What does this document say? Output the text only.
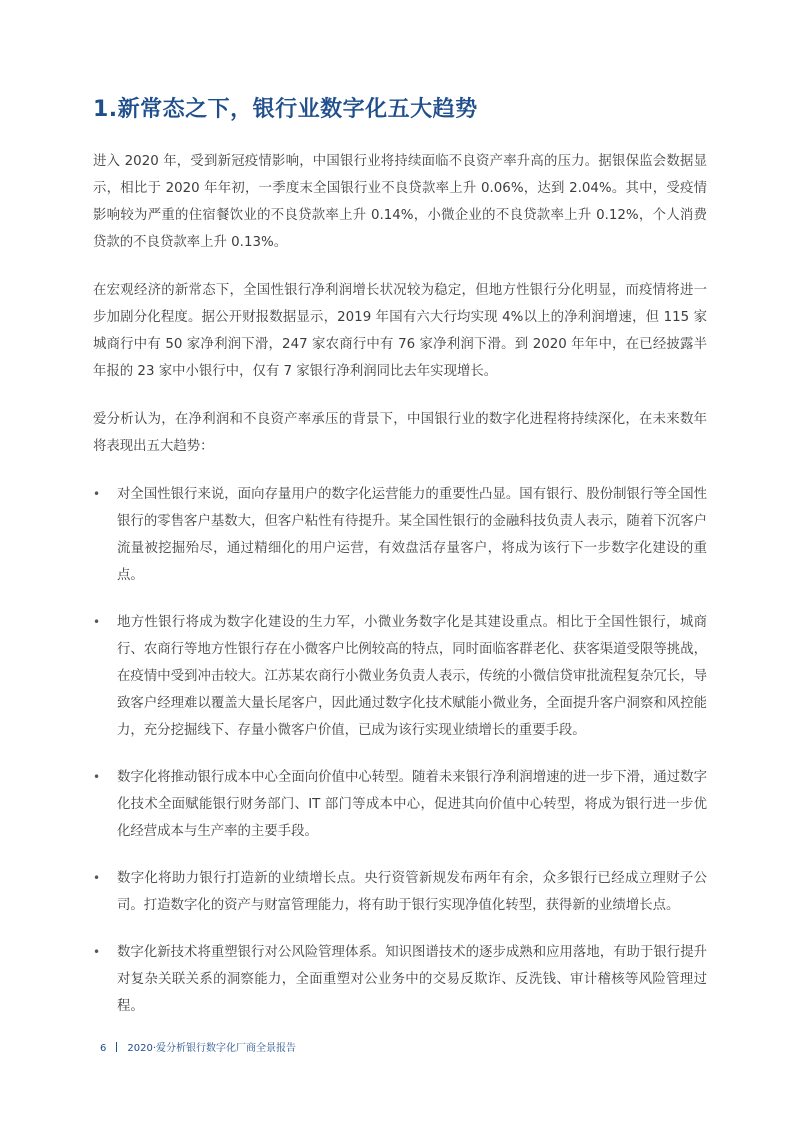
1.新常态之下，银行业数字化五大趋势

进入 2020 年，受到新冠疫情影响，中国银行业将持续面临不良资产率升高的压力。据银保监会数据显示，相比于 2020 年年初，一季度末全国银行业不良贷款率上升 0.06%，达到 2.04%。其中，受疫情影响较为严重的住宿餐饮业的不良贷款率上升 0.14%，小微企业的不良贷款率上升 0.12%，个人消费贷款的不良贷款率上升 0.13%。

在宏观经济的新常态下，全国性银行净利润增长状况较为稳定，但地方性银行分化明显，而疫情将进一步加剧分化程度。据公开财报数据显示，2019 年国有六大行均实现 4%以上的净利润增速，但 115 家城商行中有 50 家净利润下滑，247 家农商行中有 76 家净利润下滑。到 2020 年年中，在已经披露半年报的 23 家中小银行中，仅有 7 家银行净利润同比去年实现增长。

爱分析认为，在净利润和不良资产率承压的背景下，中国银行业的数字化进程将持续深化，在未来数年将表现出五大趋势：

•	对全国性银行来说，面向存量用户的数字化运营能力的重要性凸显。国有银行、股份制银行等全国性银行的零售客户基数大，但客户粘性有待提升。某全国性银行的金融科技负责人表示，随着下沉客户流量被挖掘殆尽，通过精细化的用户运营，有效盘活存量客户，将成为该行下一步数字化建设的重点。
•	地方性银行将成为数字化建设的生力军，小微业务数字化是其建设重点。相比于全国性银行，城商行、农商行等地方性银行存在小微客户比例较高的特点，同时面临客群老化、获客渠道受限等挑战，在疫情中受到冲击较大。江苏某农商行小微业务负责人表示，传统的小微信贷审批流程复杂冗长，导致客户经理难以覆盖大量长尾客户，因此通过数字化技术赋能小微业务，全面提升客户洞察和风控能力，充分挖掘线下、存量小微客户价值，已成为该行实现业绩增长的重要手段。
•	数字化将推动银行成本中心全面向价值中心转型。随着未来银行净利润增速的进一步下滑，通过数字化技术全面赋能银行财务部门、IT 部门等成本中心，促进其向价值中心转型，将成为银行进一步优化经营成本与生产率的主要手段。
•	数字化将助力银行打造新的业绩增长点。央行资管新规发布两年有余，众多银行已经成立理财子公司。打造数字化的资产与财富管理能力，将有助于银行实现净值化转型，获得新的业绩增长点。
•	数字化新技术将重塑银行对公风险管理体系。知识图谱技术的逐步成熟和应用落地，有助于银行提升对复杂关联关系的洞察能力，全面重塑对公业务中的交易反欺诈、反洗钱、审计稽核等风险管理过程。
6 2020·爱分析银行数字化厂商全景报告
